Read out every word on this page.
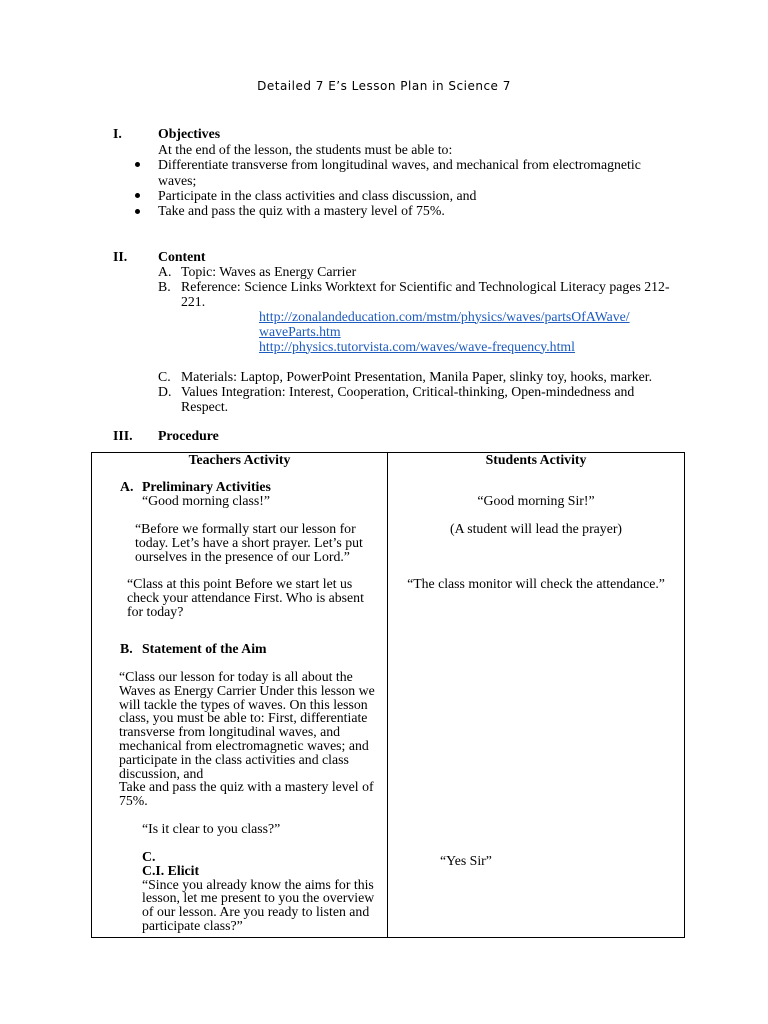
Detailed 7 E’s Lesson Plan in Science 7
I.	Objectives
At the end of the lesson, the students must be able to:
Differentiate transverse from longitudinal waves, and mechanical from electromagnetic
waves;
Participate in the class activities and class discussion, and
Take and pass the quiz with a mastery level of 75%.
II. Content
A. Topic: Waves as Energy Carrier
B. Reference: Science Links Worktext for Scientific and Technological Literacy pages 212-
221.
http://zonalandeducation.com/mstm/physics/waves/partsOfAWave/
waveParts.htm
http://physics.tutorvista.com/waves/wave-frequency.html
C. Materials: Laptop, PowerPoint Presentation, Manila Paper, slinky toy, hooks, marker.
D. Values Integration: Interest, Cooperation, Critical-thinking, Open-mindedness and
Respect.
III. Procedure
Teachers Activity
A. Preliminary Activities
“Good morning class!”
“Before we formally start our lesson for
today. Let’s have a short prayer. Let’s put
ourselves in the presence of our Lord.”
“Class at this point Before we start let us
check your attendance First. Who is absent
for today?
B. Statement of the Aim
“Class our lesson for today is all about the
Waves as Energy Carrier Under this lesson we
will tackle the types of waves. On this lesson
class, you must be able to: First, differentiate
transverse from longitudinal waves, and
mechanical from electromagnetic waves; and
participate in the class activities and class
discussion, and
Take and pass the quiz with a mastery level of
75%.
“Is it clear to you class?”
C.
C.I. Elicit
“Since you already know the aims for this
lesson, let me present to you the overview
of our lesson. Are you ready to listen and
participate class?”
Students Activity
“Good morning Sir!”
(A student will lead the prayer)
“The class monitor will check the attendance.”
“Yes Sir”
